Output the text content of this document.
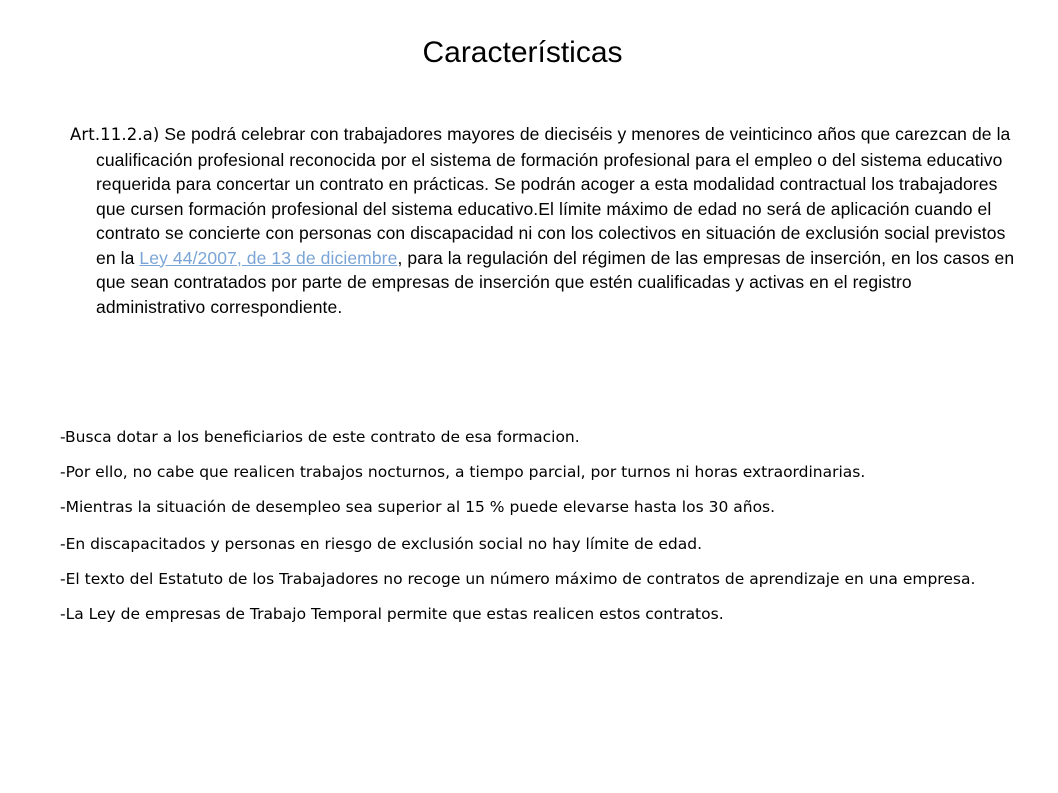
Características

Art.11.2.a) Se podrá celebrar con trabajadores mayores de dieciséis y menores de veinticinco años que carezcan de la cualificación profesional reconocida por el sistema de formación profesional para el empleo o del sistema educativo requerida para concertar un contrato en prácticas. Se podrán acoger a esta modalidad contractual los trabajadores que cursen formación profesional del sistema educativo.El límite máximo de edad no será de aplicación cuando el contrato se concierte con personas con discapacidad ni con los colectivos en situación de exclusión social previstos en la Ley 44/2007, de 13 de diciembre, para la regulación del régimen de las empresas de inserción, en los casos en que sean contratados por parte de empresas de inserción que estén cualificadas y activas en el registro administrativo correspondiente.

-Busca dotar a los beneficiarios de este contrato de esa formacion.
-Por ello, no cabe que realicen trabajos nocturnos, a tiempo parcial, por turnos ni horas extraordinarias.
-Mientras la situación de desempleo sea superior al 15 % puede elevarse hasta los 30 años.
-En discapacitados y personas en riesgo de exclusión social no hay límite de edad.
-El texto del Estatuto de los Trabajadores no recoge un número máximo de contratos de aprendizaje en una empresa.
-La Ley de empresas de Trabajo Temporal permite que estas realicen estos contratos.
